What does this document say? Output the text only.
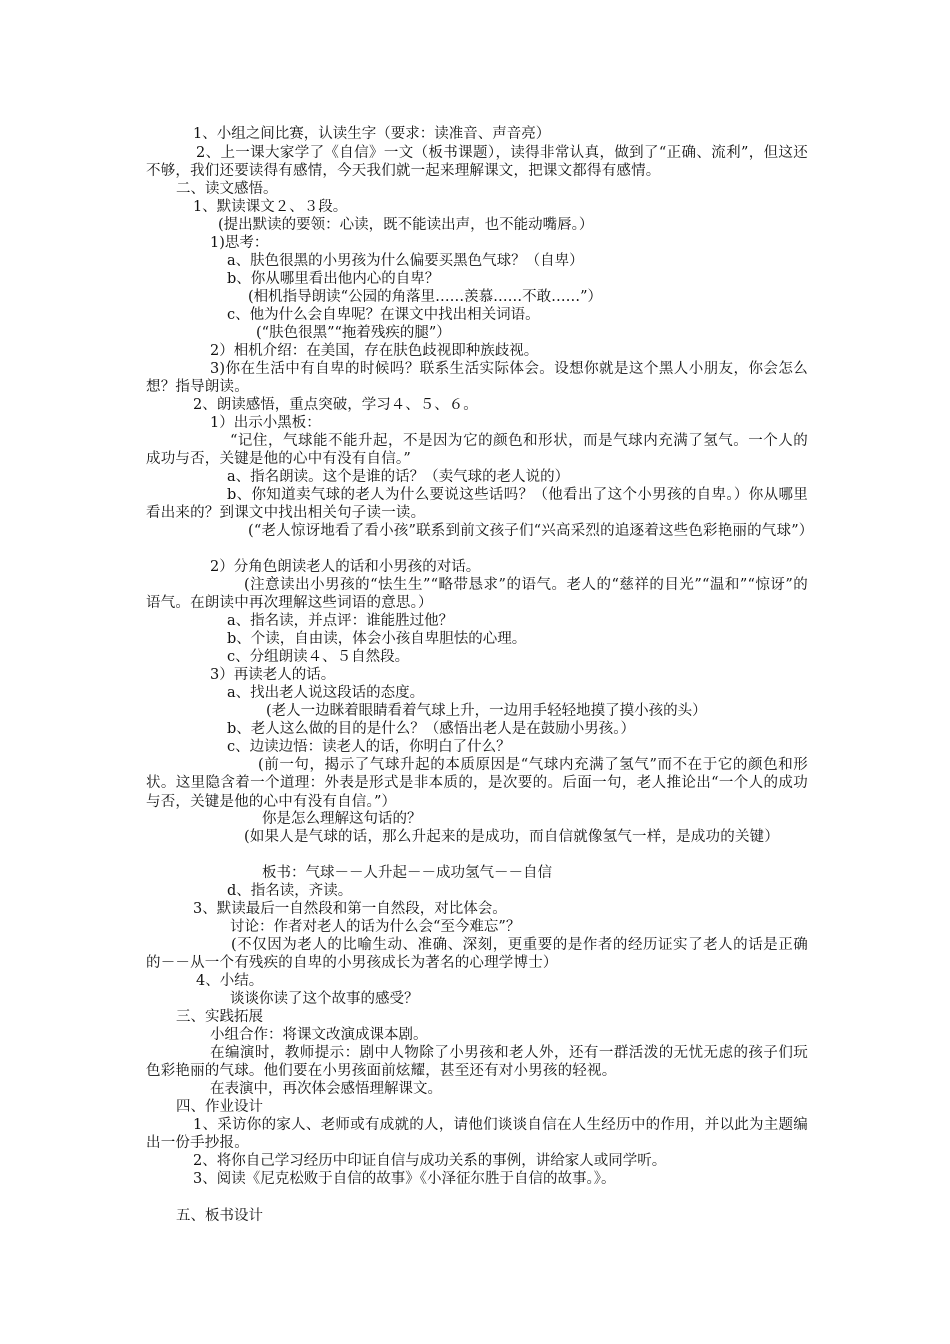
1、小组之间比赛，认读生字（要求：读准音、声音亮）
2、上一课大家学了《自信》一文（板书课题），读得非常认真，做到了“正确、流利”，但这还不够，我们还要读得有感情，今天我们就一起来理解课文，把课文都得有感情。
二、读文感悟。
1、默读课文２、３段。
(提出默读的要领：心读，既不能读出声，也不能动嘴唇。）
1)思考：
a、肤色很黑的小男孩为什么偏要买黑色气球？（自卑）
b、你从哪里看出他内心的自卑？
(相机指导朗读“公园的角落里……羡慕……不敢……”）
c、他为什么会自卑呢？在课文中找出相关词语。
(“肤色很黑”“拖着残疾的腿”）
2）相机介绍：在美国，存在肤色歧视即种族歧视。
3)你在生活中有自卑的时候吗？联系生活实际体会。设想你就是这个黑人小朋友，你会怎么想？指导朗读。
2、朗读感悟，重点突破，学习４、５、６。
1）出示小黑板：
“记住，气球能不能升起，不是因为它的颜色和形状，而是气球内充满了氢气。一个人的成功与否，关键是他的心中有没有自信。”
a、指名朗读。这个是谁的话？（卖气球的老人说的）
b、你知道卖气球的老人为什么要说这些话吗？（他看出了这个小男孩的自卑。）你从哪里看出来的？到课文中找出相关句子读一读。
(“老人惊讶地看了看小孩”联系到前文孩子们“兴高采烈的追逐着这些色彩艳丽的气球”）
2）分角色朗读老人的话和小男孩的对话。
(注意读出小男孩的“怯生生”“略带恳求”的语气。老人的“慈祥的目光”“温和”“惊讶”的语气。在朗读中再次理解这些词语的意思。）
a、指名读，并点评：谁能胜过他？
b、个读，自由读，体会小孩自卑胆怯的心理。
c、分组朗读４、５自然段。
3）再读老人的话。
a、找出老人说这段话的态度。
(老人一边眯着眼睛看着气球上升，一边用手轻轻地摸了摸小孩的头）
b、老人这么做的目的是什么？（感悟出老人是在鼓励小男孩。）
c、边读边悟：读老人的话，你明白了什么？
(前一句，揭示了气球升起的本质原因是“气球内充满了氢气”而不在于它的颜色和形状。这里隐含着一个道理：外表是形式是非本质的，是次要的。后面一句，老人推论出“一个人的成功与否，关键是他的心中有没有自信。”）
你是怎么理解这句话的？
(如果人是气球的话，那么升起来的是成功，而自信就像氢气一样，是成功的关键）
板书：气球－－人升起－－成功氢气－－自信
d、指名读，齐读。
3、默读最后一自然段和第一自然段，对比体会。
讨论：作者对老人的话为什么会“至今难忘”？
(不仅因为老人的比喻生动、准确、深刻，更重要的是作者的经历证实了老人的话是正确的－－从一个有残疾的自卑的小男孩成长为著名的心理学博士）
4、小结。
谈谈你读了这个故事的感受？
三、实践拓展
小组合作：将课文改演成课本剧。
在编演时，教师提示：剧中人物除了小男孩和老人外，还有一群活泼的无忧无虑的孩子们玩色彩艳丽的气球。他们要在小男孩面前炫耀，甚至还有对小男孩的轻视。
在表演中，再次体会感悟理解课文。
四、作业设计
1、采访你的家人、老师或有成就的人，请他们谈谈自信在人生经历中的作用，并以此为主题编出一份手抄报。
2、将你自己学习经历中印证自信与成功关系的事例，讲给家人或同学听。
3、阅读《尼克松败于自信的故事》《小泽征尔胜于自信的故事。》。
五、板书设计
